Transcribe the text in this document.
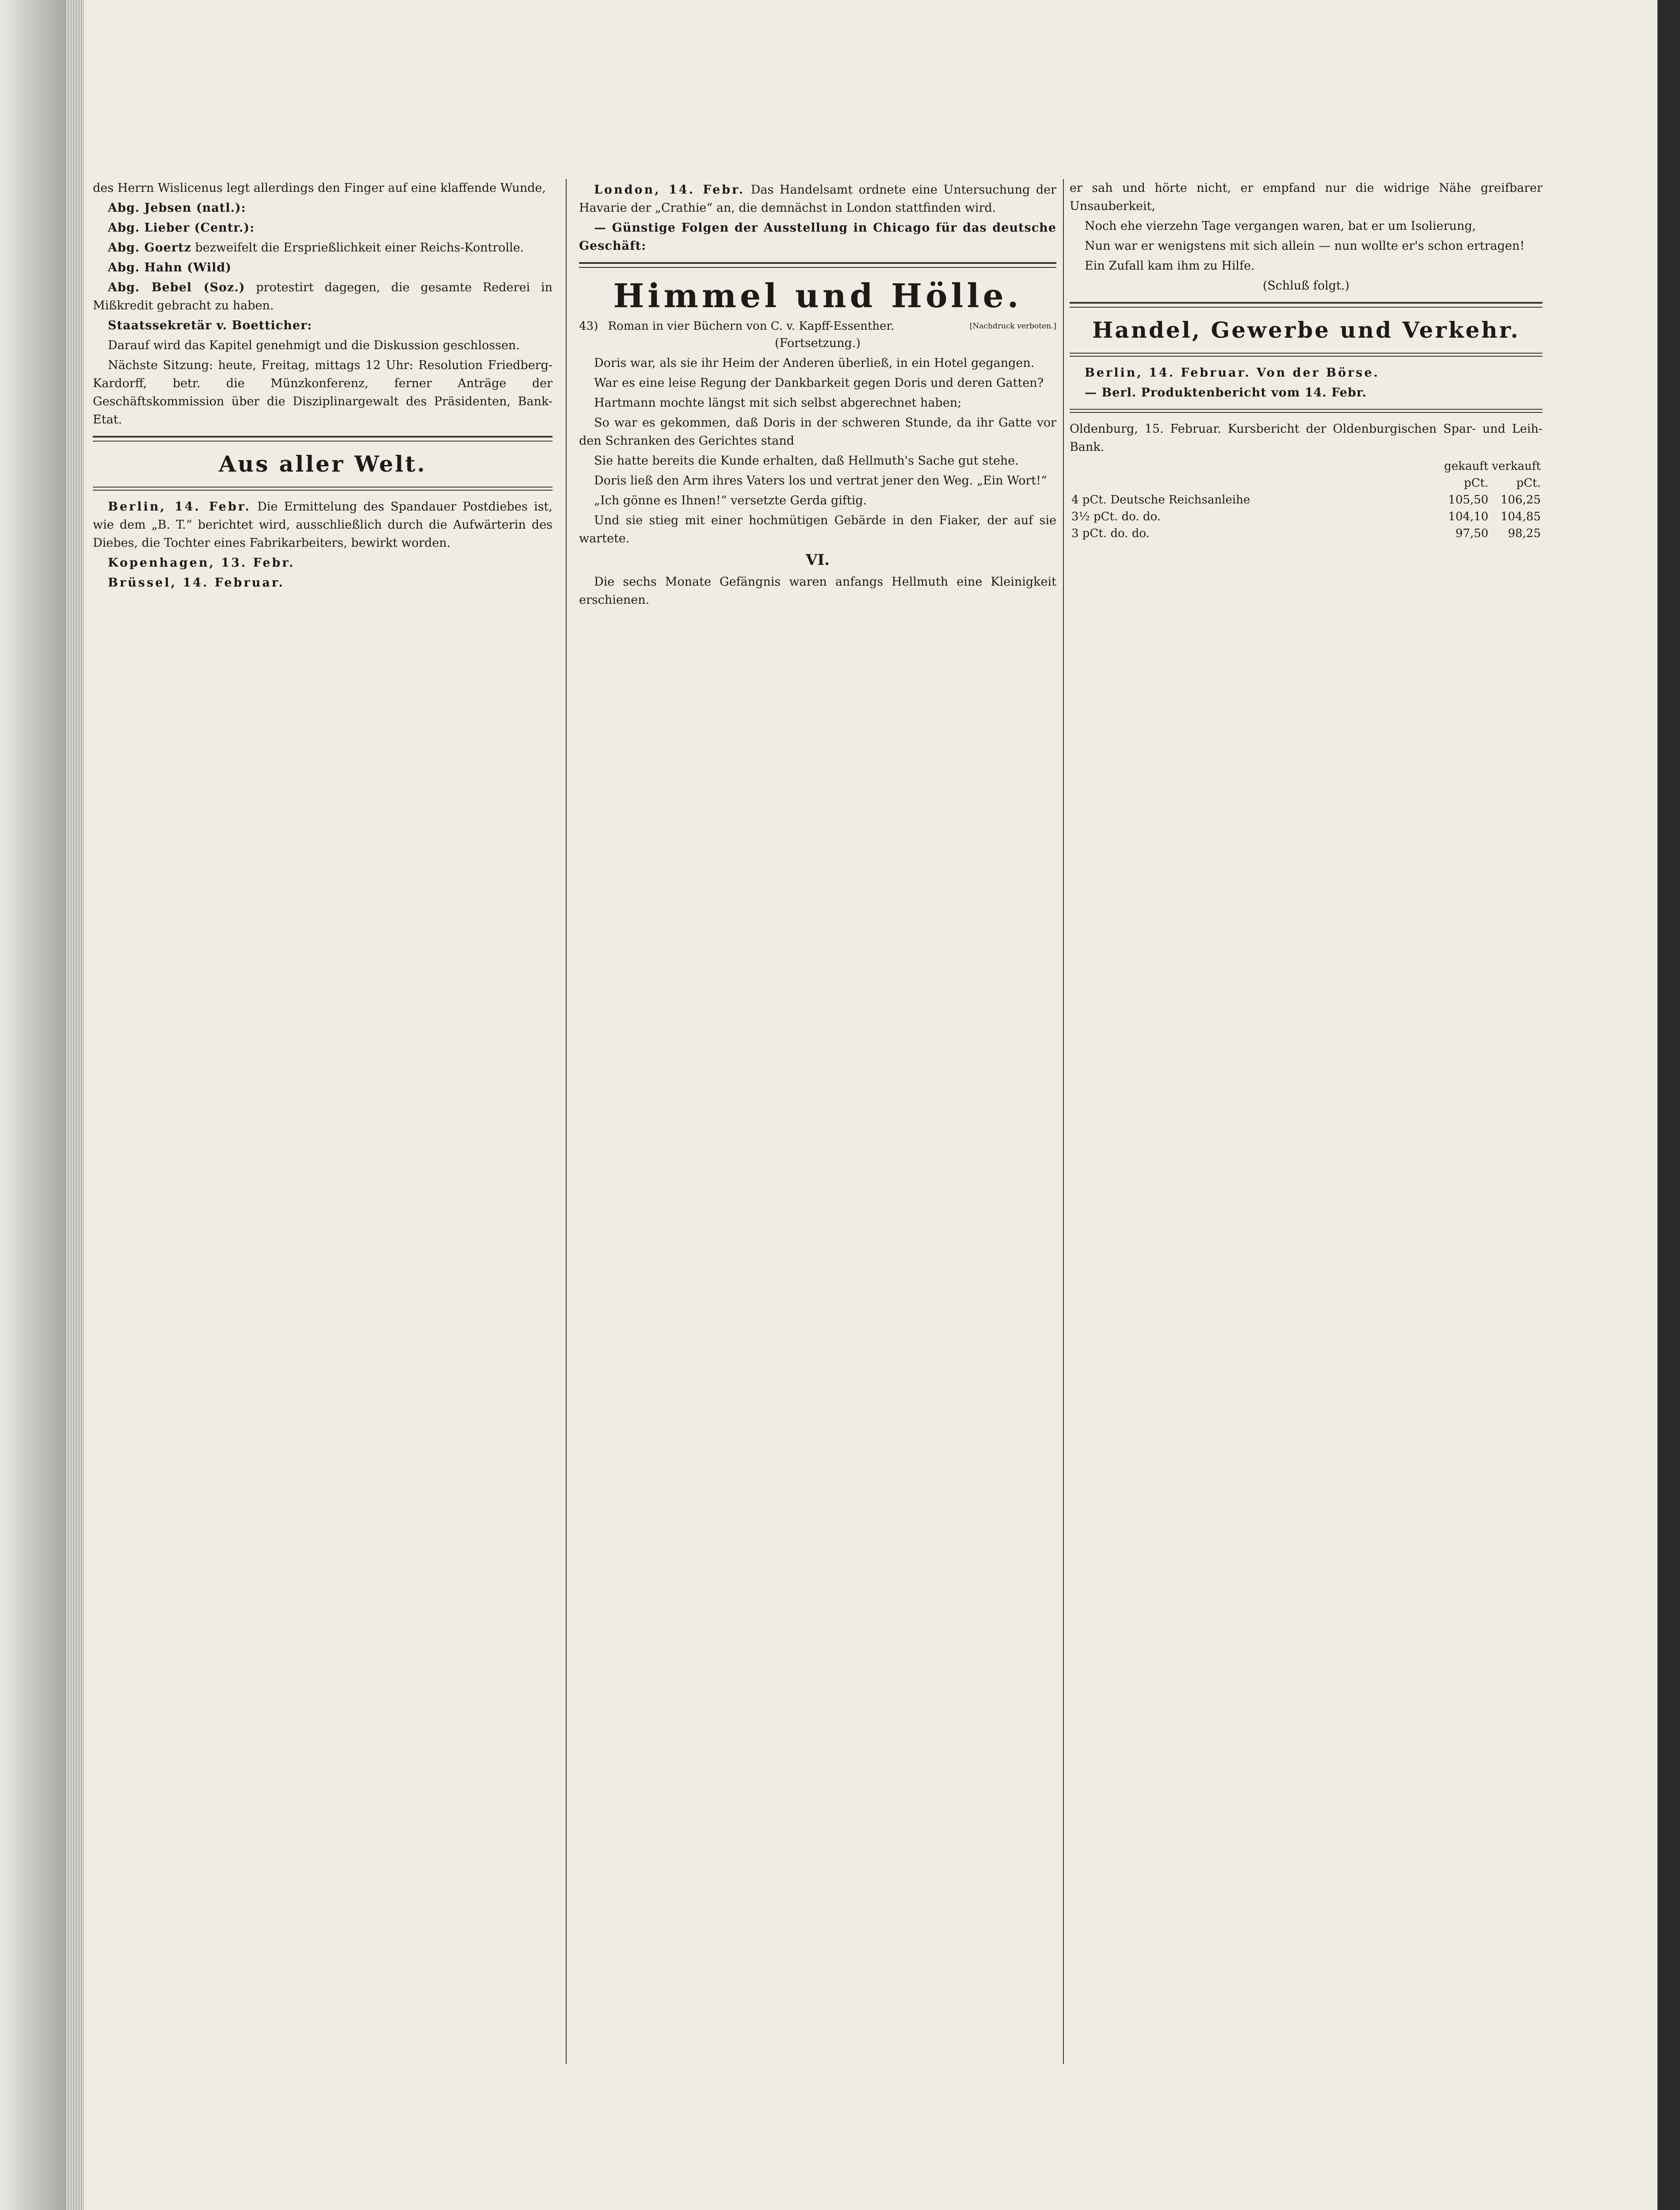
des Herrn Wislicenus legt allerdings den Finger auf eine klaffende Wunde,

Abg. Jebsen (natl.):

Abg. Lieber (Centr.):

Abg. Goertz bezweifelt die Ersprießlichkeit einer Reichs-Kontrolle.

Abg. Hahn (Wild)

Abg. Bebel (Soz.) protestirt dagegen, die gesamte Rederei in Mißkredit gebracht zu haben.

Staatssekretär v. Boetticher:

Darauf wird das Kapitel genehmigt und die Diskussion geschlossen.

Nächste Sitzung: heute, Freitag, mittags 12 Uhr: Resolution Friedberg-Kardorff, betr. die Münzkonferenz, ferner Anträge der Geschäftskommission über die Disziplinargewalt des Präsidenten, Bank-Etat.

Aus aller Welt.

Berlin, 14. Febr. Die Ermittelung des Spandauer Postdiebes ist, wie dem „B. T.“ berichtet wird, ausschließlich durch die Aufwärterin des Diebes, die Tochter eines Fabrikarbeiters, bewirkt worden.

Kopenhagen, 13. Febr.

Brüssel, 14. Februar.

London, 14. Febr. Das Handelsamt ordnete eine Untersuchung der Havarie der „Crathie“ an, die demnächst in London stattfinden wird.

— Günstige Folgen der Ausstellung in Chicago für das deutsche Geschäft:

Himmel und Hölle.
43) Roman in vier Büchern von C. v. Kapff-Essenther.	[Nachdruck verboten.]

(Fortsetzung.)

Doris war, als sie ihr Heim der Anderen überließ, in ein Hotel gegangen.

War es eine leise Regung der Dankbarkeit gegen Doris und deren Gatten?

Hartmann mochte längst mit sich selbst abgerechnet haben;

So war es gekommen, daß Doris in der schweren Stunde, da ihr Gatte vor den Schranken des Gerichtes stand

Sie hatte bereits die Kunde erhalten, daß Hellmuth's Sache gut stehe.

Doris ließ den Arm ihres Vaters los und vertrat jener den Weg. „Ein Wort!“

„Ich gönne es Ihnen!“ versetzte Gerda giftig.

Und sie stieg mit einer hochmütigen Gebärde in den Fiaker, der auf sie wartete.

VI.

Die sechs Monate Gefängnis waren anfangs Hellmuth eine Kleinigkeit erschienen.

er sah und hörte nicht, er empfand nur die widrige Nähe greifbarer Unsauberkeit,

Noch ehe vierzehn Tage vergangen waren, bat er um Isolierung,

Nun war er wenigstens mit sich allein — nun wollte er's schon ertragen!

Ein Zufall kam ihm zu Hilfe.

(Schluß folgt.)

Handel, Gewerbe und Verkehr.

Berlin, 14. Februar. Von der Börse.

— Berl. Produktenbericht vom 14. Febr.

Oldenburg, 15. Februar. Kursbericht der Oldenburgischen Spar- und Leih-Bank.

	gekauft	verkauft
	pCt.	pCt.
4 pCt. Deutsche Reichsanleihe	105,50	106,25
3½ pCt. do. do.	104,10	104,85
3 pCt. do. do.	97,50	98,25
